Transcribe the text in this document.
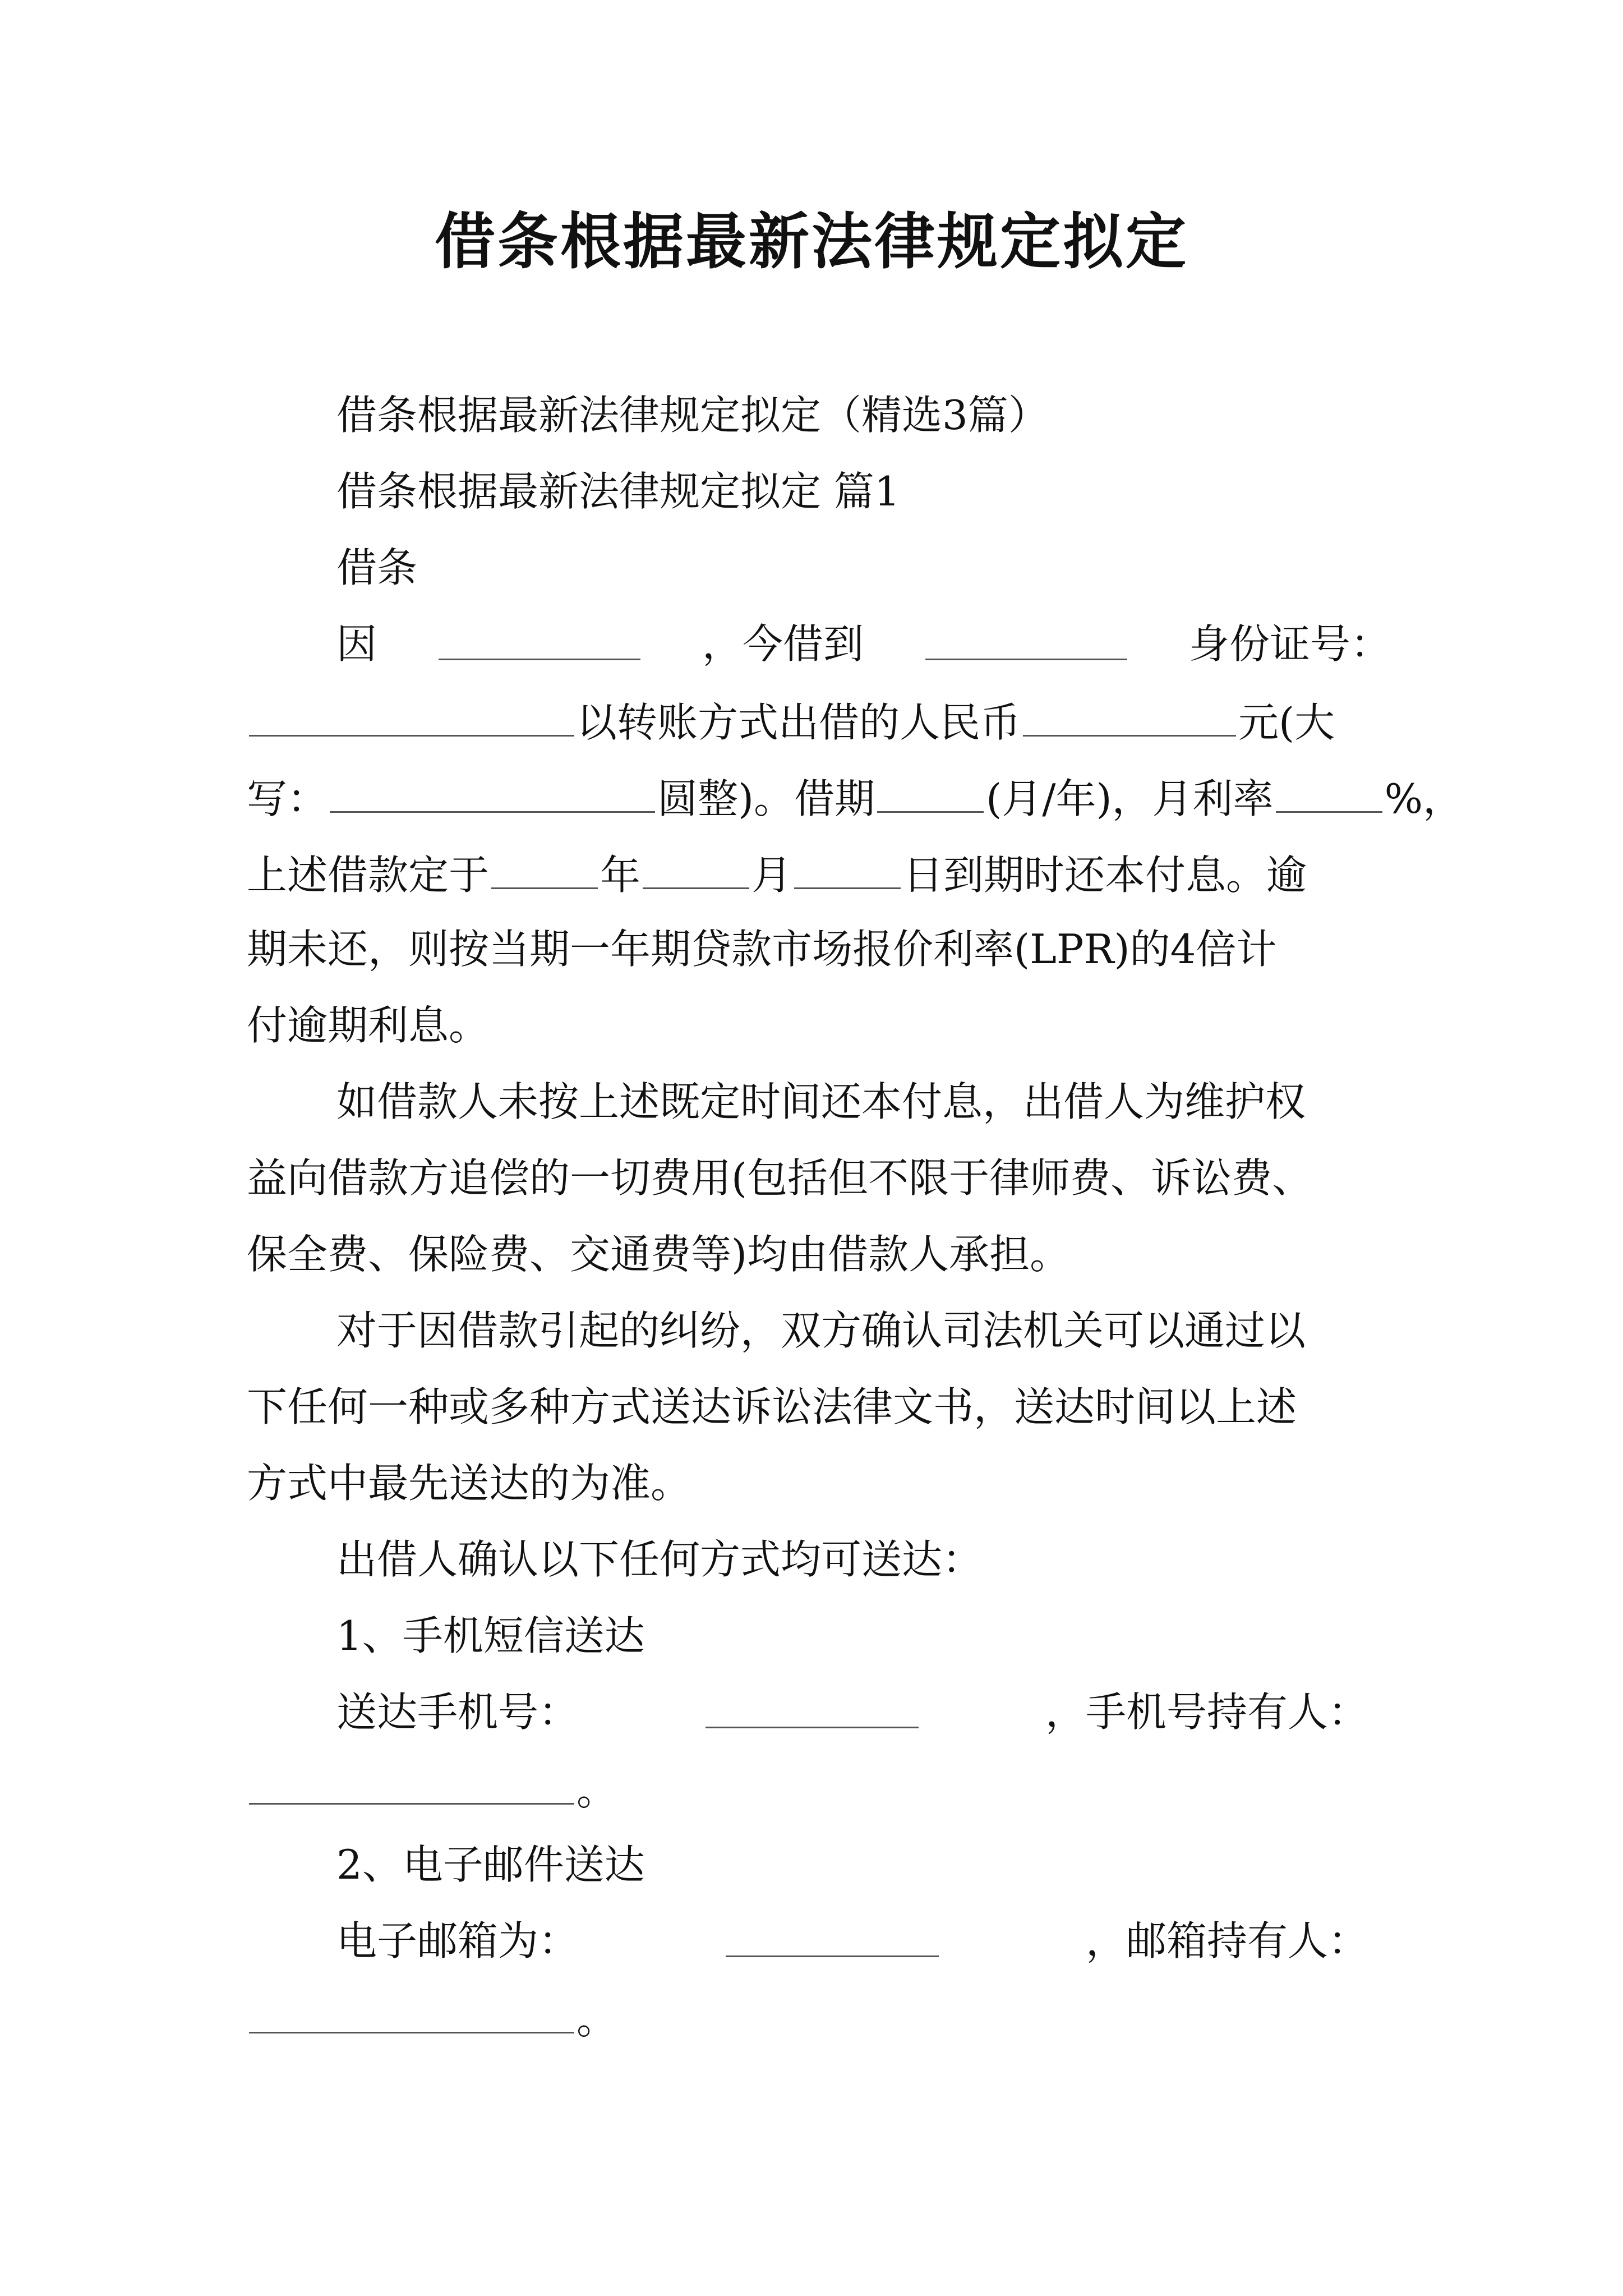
借条根据最新法律规定拟定
借条根据最新法律规定拟定（精选3篇）
借条根据最新法律规定拟定 篇1
借条
因	，今借到	身份证号：
以转账方式出借的人民币	元(大
写：	圆整)。借期	(月/年)，月利率	%，
上述借款定于	年	月	日到期时还本付息。逾
期未还，则按当期一年期贷款市场报价利率(LPR)的4倍计
付逾期利息。
如借款人未按上述既定时间还本付息，出借人为维护权
益向借款方追偿的一切费用(包括但不限于律师费、诉讼费、
保全费、保险费、交通费等)均由借款人承担。
对于因借款引起的纠纷，双方确认司法机关可以通过以
下任何一种或多种方式送达诉讼法律文书，送达时间以上述
方式中最先送达的为准。
出借人确认以下任何方式均可送达：
1、手机短信送达
送达手机号：	，手机号持有人：
。
2、电子邮件送达
电子邮箱为：	，邮箱持有人：
。
